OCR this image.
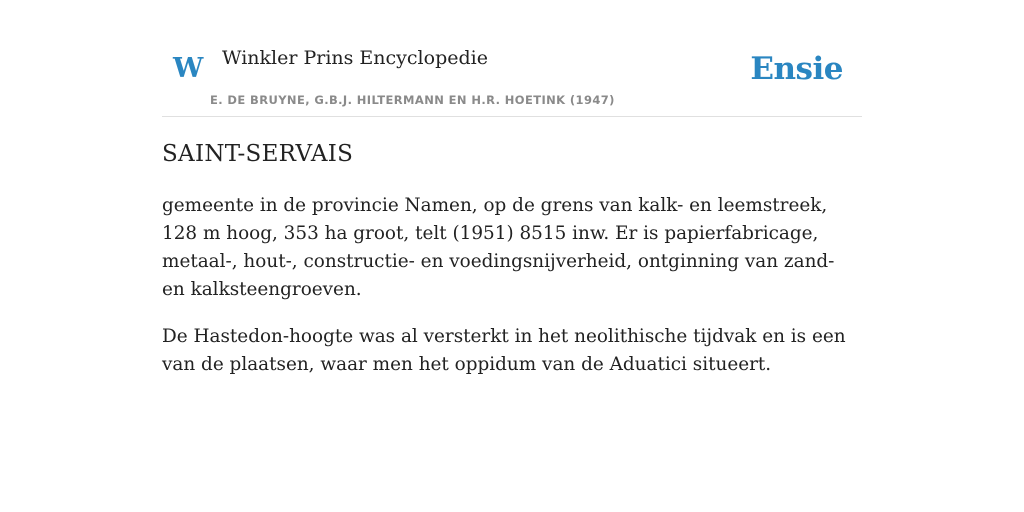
W Winkler Prins Encyclopedie
E. DE BRUYNE, G.B.J. HILTERMANN EN H.R. HOETINK (1947)
Ensie
SAINT-SERVAIS

gemeente in de provincie Namen, op de grens van kalk- en leemstreek, 128 m hoog, 353 ha groot, telt (1951) 8515 inw. Er is papierfabricage, metaal-, hout-, constructie- en voedingsnijverheid, ontginning van zand- en kalksteengroeven.

De Hastedon-hoogte was al versterkt in het neolithische tijdvak en is een van de plaatsen, waar men het oppidum van de Aduatici situeert.
